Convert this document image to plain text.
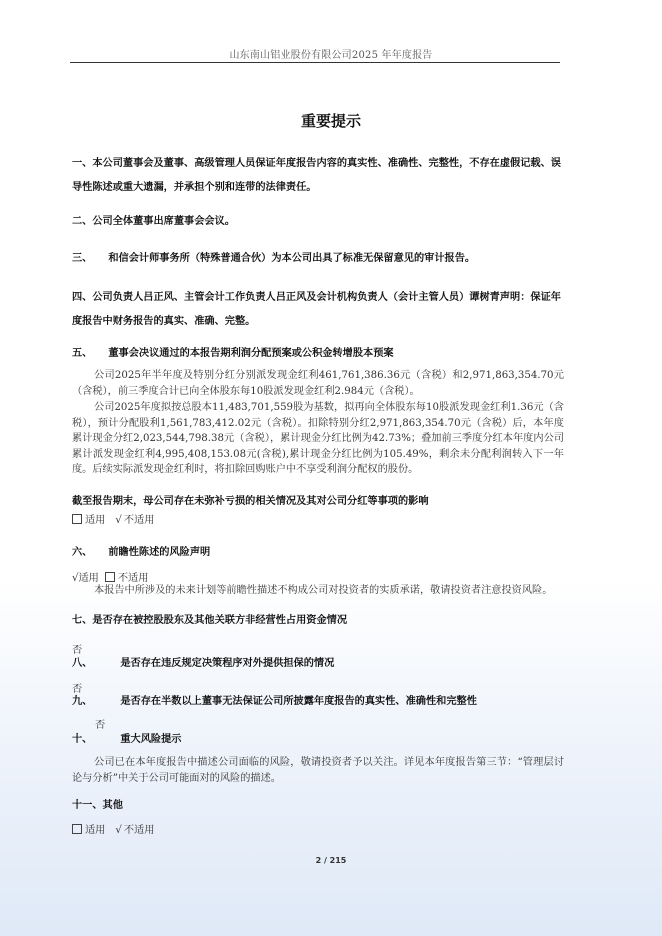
山东南山铝业股份有限公司2025 年年度报告
重要提示
一、本公司董事会及董事、高级管理人员保证年度报告内容的真实性、准确性、完整性，不存在虚假记载、误导性陈述或重大遗漏，并承担个别和连带的法律责任。
二、公司全体董事出席董事会会议。
三、 和信会计师事务所（特殊普通合伙）为本公司出具了标准无保留意见的审计报告。
四、公司负责人吕正风、主管会计工作负责人吕正风及会计机构负责人（会计主管人员）谭树青声明：保证年度报告中财务报告的真实、准确、完整。
五、 董事会决议通过的本报告期利润分配预案或公积金转增股本预案
公司2025年半年度及特别分红分别派发现金红利461,761,386.36元（含税）和2,971,863,354.70元（含税），前三季度合计已向全体股东每10股派发现金红利2.984元（含税）。
公司2025年度拟按总股本11,483,701,559股为基数，拟再向全体股东每10股派发现金红利1.36元（含税），预计分配股利1,561,783,412.02元（含税）。扣除特别分红2,971,863,354.70元（含税）后，本年度累计现金分红2,023,544,798.38元（含税），累计现金分红比例为42.73%；叠加前三季度分红本年度内公司累计派发现金红利4,995,408,153.08元(含税),累计现金分红比例为105.49%，剩余未分配利润转入下一年度。后续实际派发现金红利时，将扣除回购账户中不享受利润分配权的股份。
截至报告期末，母公司存在未弥补亏损的相关情况及其对公司分红等事项的影响
适用 √ 不适用
六、 前瞻性陈述的风险声明
√适用 不适用
本报告中所涉及的未来计划等前瞻性描述不构成公司对投资者的实质承诺，敬请投资者注意投资风险。
七、是否存在被控股股东及其他关联方非经营性占用资金情况
否
八、	是否存在违反规定决策程序对外提供担保的情况
否
九、	是否存在半数以上董事无法保证公司所披露年度报告的真实性、准确性和完整性
否
十、	重大风险提示
公司已在本年度报告中描述公司面临的风险，敬请投资者予以关注。详见本年度报告第三节：“管理层讨论与分析”中关于公司可能面对的风险的描述。
十一、其他
适用 √ 不适用
2 / 215
